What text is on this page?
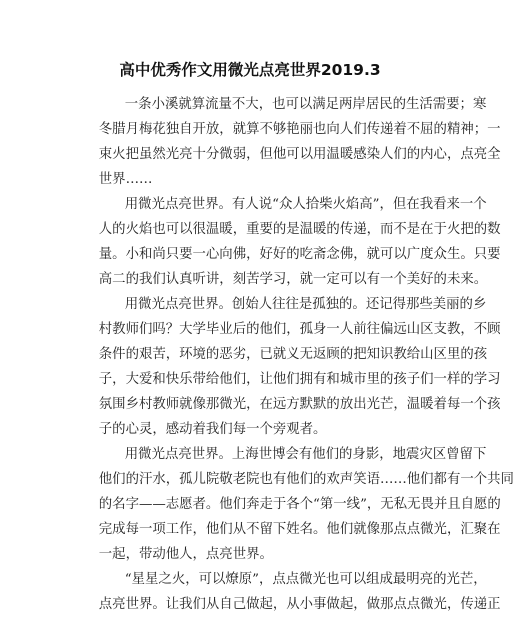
高中优秀作文用微光点亮世界2019.3

一条小溪就算流量不大，也可以满足两岸居民的生活需要；寒
冬腊月梅花独自开放，就算不够艳丽也向人们传递着不屈的精神；一
束火把虽然光亮十分微弱，但他可以用温暖感染人们的内心，点亮全
世界……

用微光点亮世界。有人说“众人拾柴火焰高”，但在我看来一个
人的火焰也可以很温暖，重要的是温暖的传递，而不是在于火把的数
量。小和尚只要一心向佛，好好的吃斋念佛，就可以广度众生。只要
高二的我们认真听讲，刻苦学习，就一定可以有一个美好的未来。

用微光点亮世界。创始人往往是孤独的。还记得那些美丽的乡
村教师们吗？大学毕业后的他们，孤身一人前往偏远山区支教，不顾
条件的艰苦，环境的恶劣，已就义无返顾的把知识教给山区里的孩
子，大爱和快乐带给他们，让他们拥有和城市里的孩子们一样的学习
氛围乡村教师就像那微光，在远方默默的放出光芒，温暖着每一个孩
子的心灵，感动着我们每一个旁观者。

用微光点亮世界。上海世博会有他们的身影，地震灾区曾留下
他们的汗水，孤儿院敬老院也有他们的欢声笑语……他们都有一个共同
的名字——志愿者。他们奔走于各个“第一线”，无私无畏并且自愿的
完成每一项工作，他们从不留下姓名。他们就像那点点微光，汇聚在
一起，带动他人，点亮世界。

“星星之火，可以燎原”，点点微光也可以组成最明亮的光芒，
点亮世界。让我们从自己做起，从小事做起，做那点点微光，传递正
